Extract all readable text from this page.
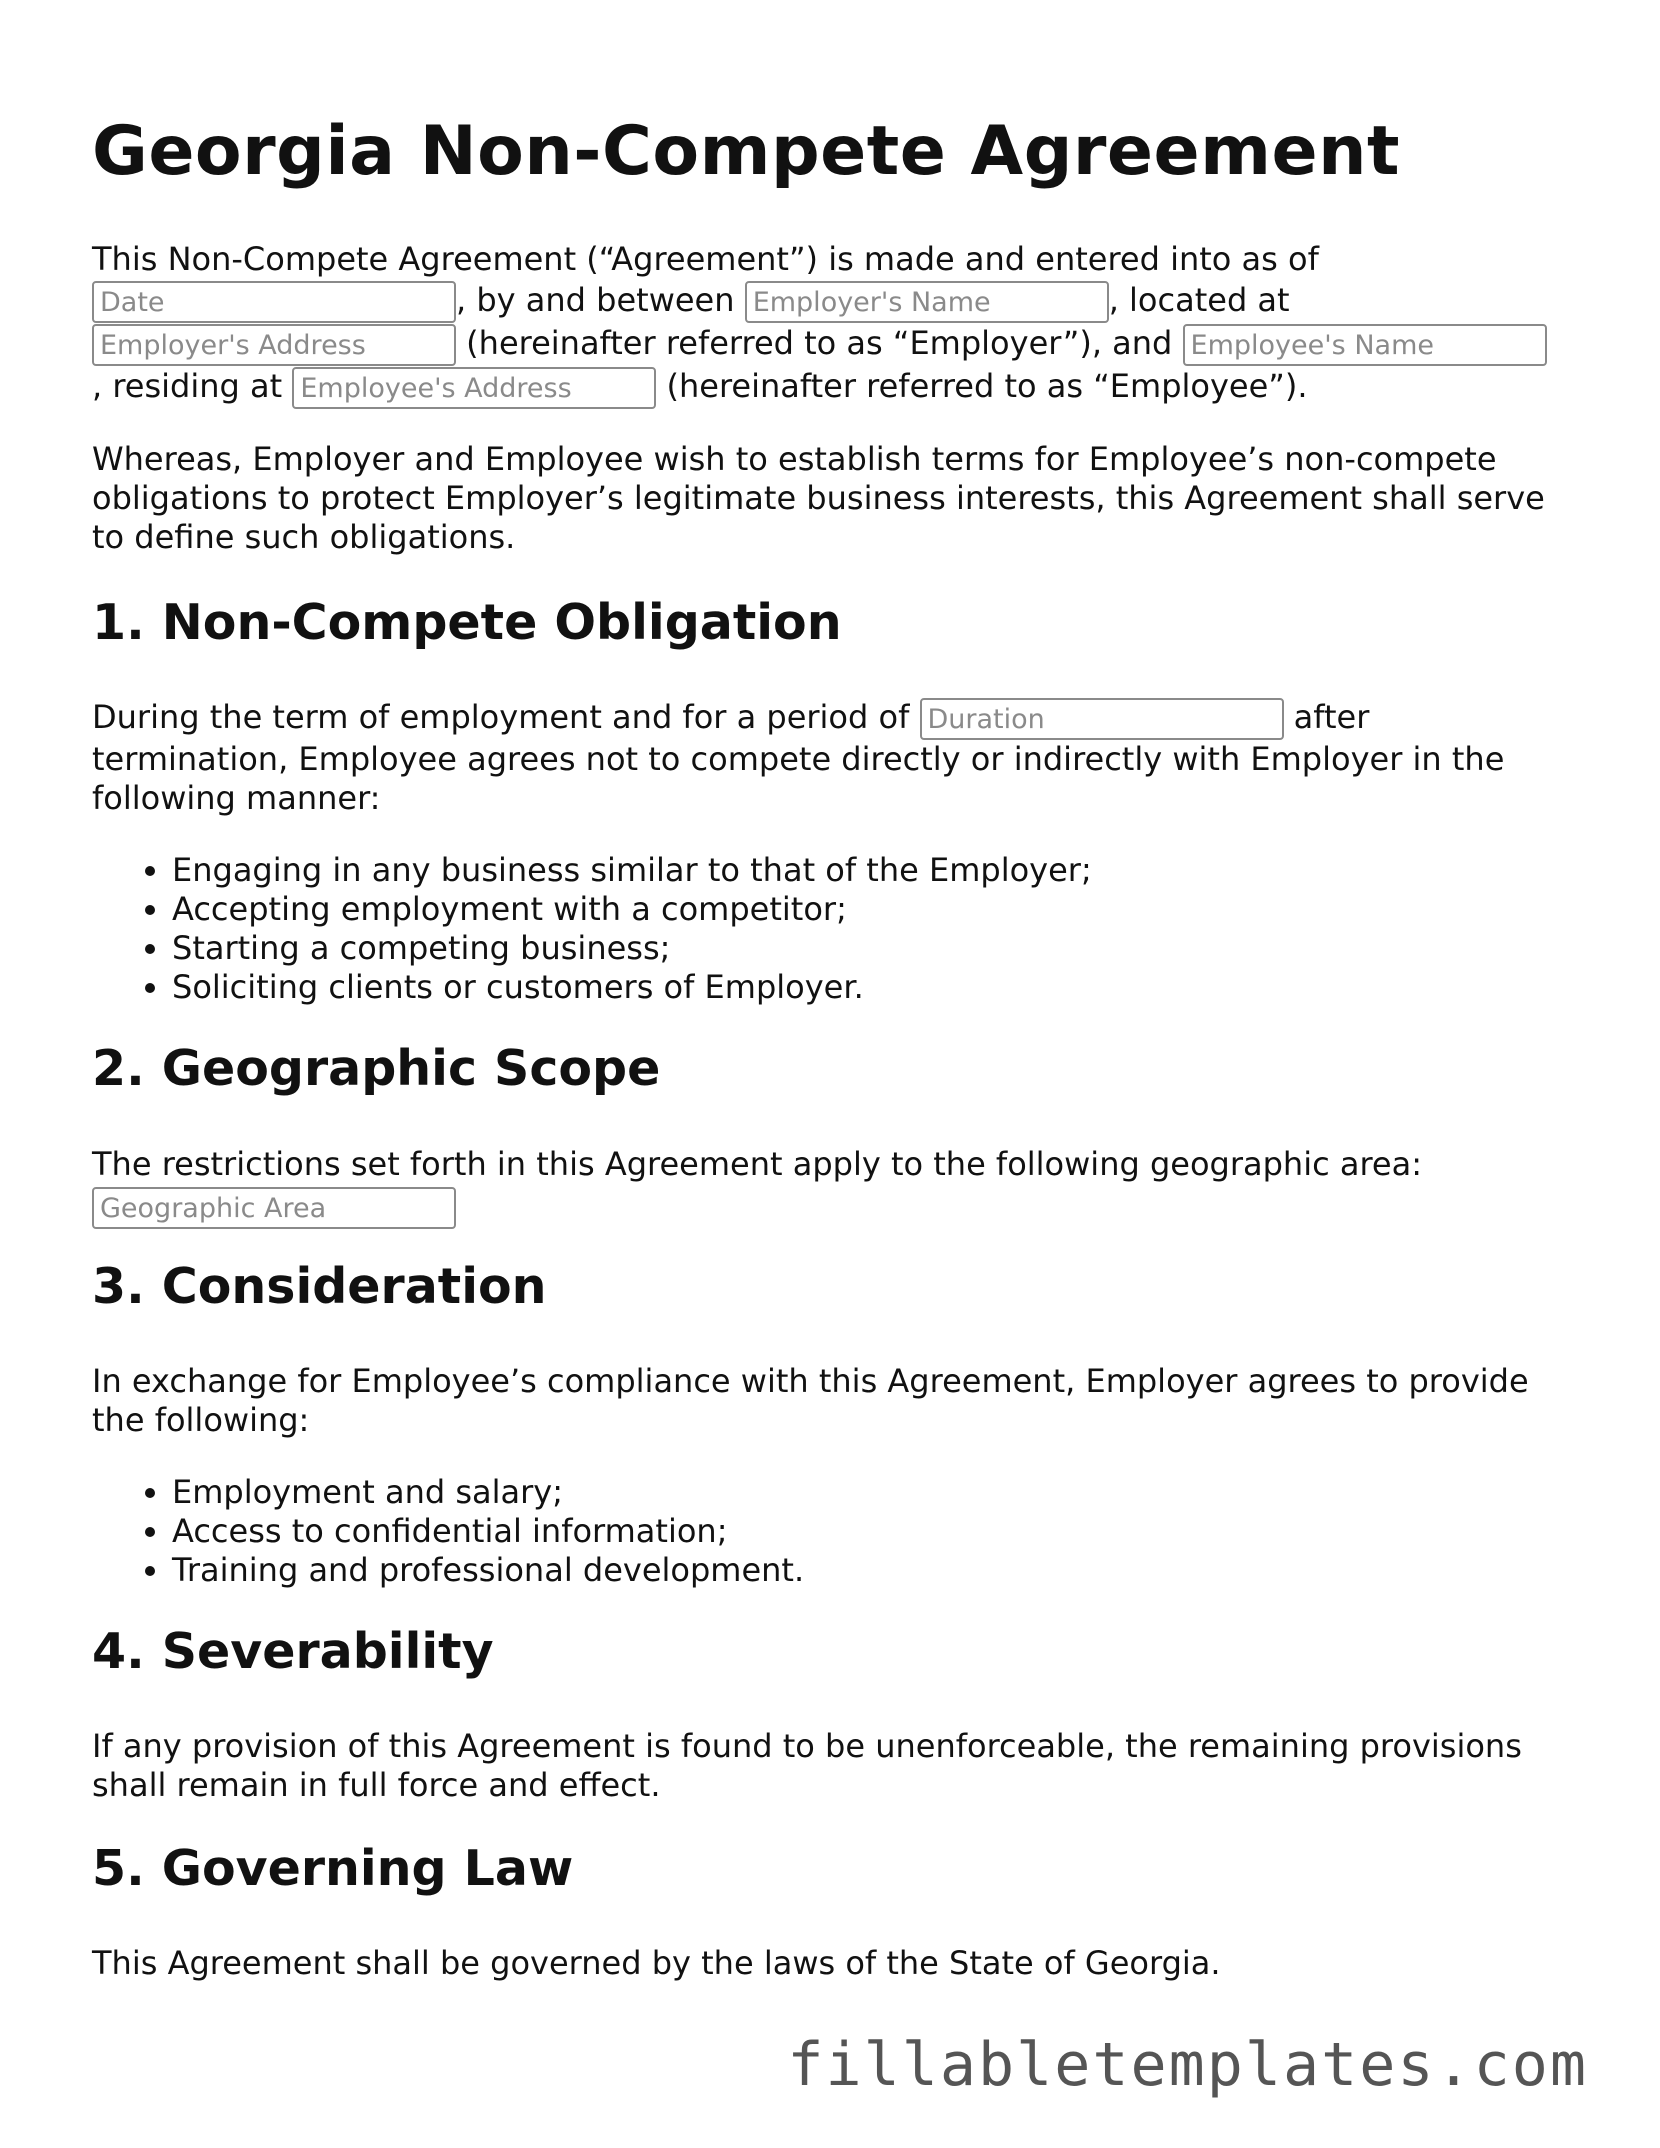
Georgia Non-Compete Agreement
This Non-Compete Agreement (“Agreement”) is made and entered into as of
Date, by and between Employer's Name	, located at
Employer's Address (hereinafter referred to as “Employer”), and Employee's Name
, residing at Employee's Address	(hereinafter referred to as “Employee”).

Whereas, Employer and Employee wish to establish terms for Employee’s non-compete obligations to protect Employer’s legitimate business interests, this Agreement shall serve to define such obligations.

1. Non-Compete Obligation
During the term of employment and for a period of Duration	after
termination, Employee agrees not to compete directly or indirectly with Employer in the
following manner:
• Engaging in any business similar to that of the Employer;
• Accepting employment with a competitor;
• Starting a competing business;
• Soliciting clients or customers of Employer.
2. Geographic Scope
The restrictions set forth in this Agreement apply to the following geographic area:
Geographic Area
3. Consideration

In exchange for Employee’s compliance with this Agreement, Employer agrees to provide the following:

• Employment and salary;
• Access to confidential information;
• Training and professional development.
4. Severability

If any provision of this Agreement is found to be unenforceable, the remaining provisions shall remain in full force and effect.

5. Governing Law

This Agreement shall be governed by the laws of the State of Georgia.

fillabletemplates.com
